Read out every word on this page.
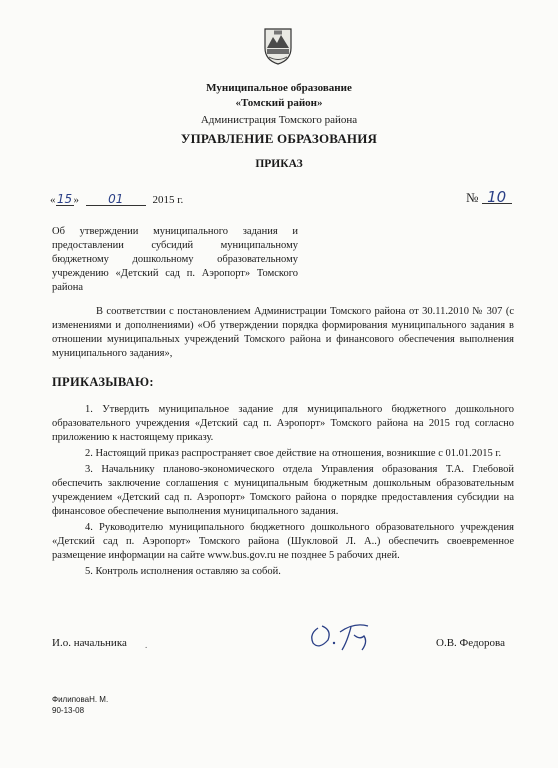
Муниципальное образование
«Томский район»
Администрация Томского района
УПРАВЛЕНИЕ ОБРАЗОВАНИЯ
ПРИКАЗ
«15» 01	2015 г.	№ 10
Об утверждении муниципального задания и предоставлении субсидий муниципальному бюджетному дошкольному образовательному учреждению «Детский сад п. Аэропорт» Томского района
В соответствии с постановлением Администрации Томского района от 30.11.2010 № 307 (с изменениями и дополнениями) «Об утверждении порядка формирования муниципального задания в отношении муниципальных учреждений Томского района и финансового обеспечения выполнения муниципального задания»,
ПРИКАЗЫВАЮ:

1. Утвердить муниципальное задание для муниципального бюджетного дошкольного образовательного учреждения «Детский сад п. Аэропорт» Томского района на 2015 год согласно приложению к настоящему приказу.

2. Настоящий приказ распространяет свое действие на отношения, возникшие с 01.01.2015 г.

3. Начальнику планово-экономического отдела Управления образования Т.А. Глебовой обеспечить заключение соглашения с муниципальным бюджетным дошкольным образовательным учреждением «Детский сад п. Аэропорт» Томского района о порядке предоставления субсидии на финансовое обеспечение выполнения муниципального задания.

4. Руководителю муниципального бюджетного дошкольного образовательного учреждения «Детский сад п. Аэропорт» Томского района (Шукловой Л. А..) обеспечить своевременное размещение информации на сайте www.bus.gov.ru не позднее 5 рабочих дней.

5. Контроль исполнения оставляю за собой.

И.о. начальника .	О.В. Федорова
ФилиповаН. М.
90-13-08
